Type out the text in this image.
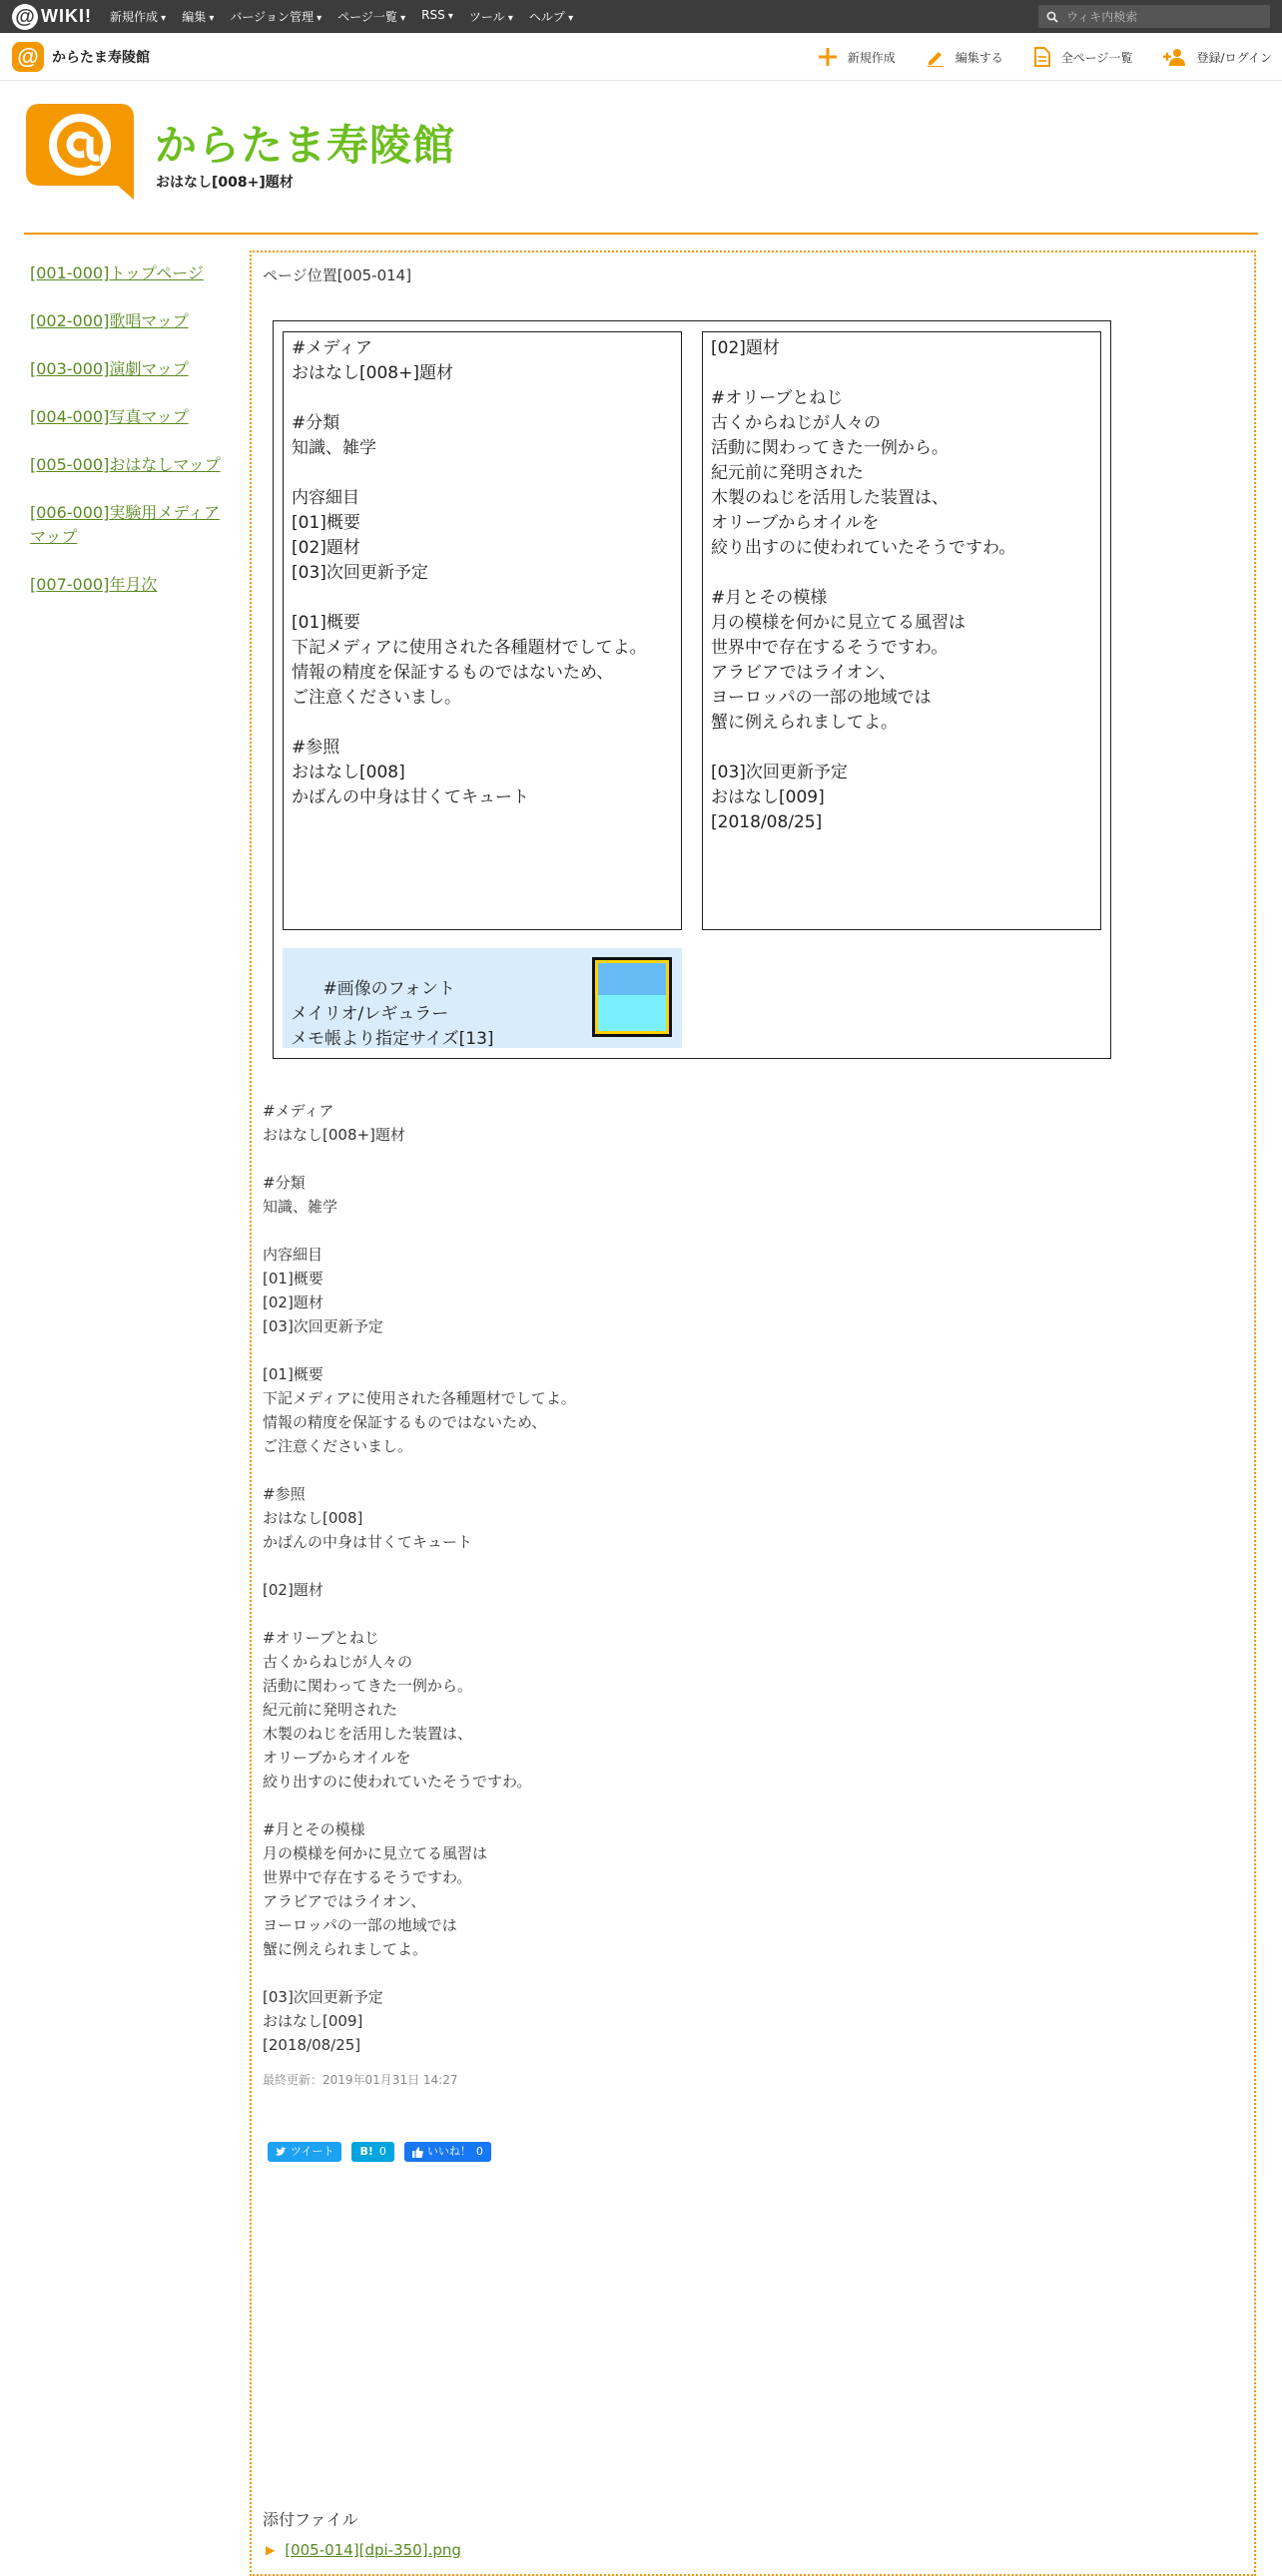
@ WIKI! 新規作成 ▾	編集 ▾	バージョン管理 ▾	ページ一覧 ▾	RSS ▾	ツール ▾	ヘルプ ▾
ウィキ内検索
@ からたま寿陵館	新規作成	編集する	全ページ一覧	登録/ログイン
からたま寿陵館
おはなし[008+]題材
[001-000]トップページ
[002-000]歌唱マップ
[003-000]演劇マップ
[004-000]写真マップ
[005-000]おはなしマップ
[006-000]実験用メディアマップ
[007-000]年月次
ページ位置[005-014]
#メディア
おはなし[008+]題材

#分類
知識、雑学

内容細目
[01]概要
[02]題材
[03]次回更新予定

[01]概要
下記メディアに使用された各種題材でしてよ。
情報の精度を保証するものではないため、
ご注意くださいまし。

#参照
おはなし[008]
かばんの中身は甘くてキュート
[02]題材

#オリーブとねじ
古くからねじが人々の
活動に関わってきた一例から。
紀元前に発明された
木製のねじを活用した装置は、
オリーブからオイルを
絞り出すのに使われていたそうですわ。

#月とその模様
月の模様を何かに見立てる風習は
世界中で存在するそうですわ。
アラビアではライオン、
ヨーロッパの一部の地域では
蟹に例えられましてよ。

[03]次回更新予定
おはなし[009]
[2018/08/25]

#画像のフォント
メイリオ/レギュラー
メモ帳より指定サイズ[13]

#メディア
おはなし[008+]題材

#分類
知識、雑学

内容細目
[01]概要
[02]題材
[03]次回更新予定

[01]概要
下記メディアに使用された各種題材でしてよ。
情報の精度を保証するものではないため、
ご注意くださいまし。

#参照
おはなし[008]
かばんの中身は甘くてキュート

[02]題材

#オリーブとねじ
古くからねじが人々の
活動に関わってきた一例から。
紀元前に発明された
木製のねじを活用した装置は、
オリーブからオイルを
絞り出すのに使われていたそうですわ。

#月とその模様
月の模様を何かに見立てる風習は
世界中で存在するそうですわ。
アラビアではライオン、
ヨーロッパの一部の地域では
蟹に例えられましてよ。

[03]次回更新予定
おはなし[009]
[2018/08/25]
最終更新：2019年01月31日 14:27
ツイート B! 0	いいね！ 0
添付ファイル
▶ [005-014][dpi-350].png
